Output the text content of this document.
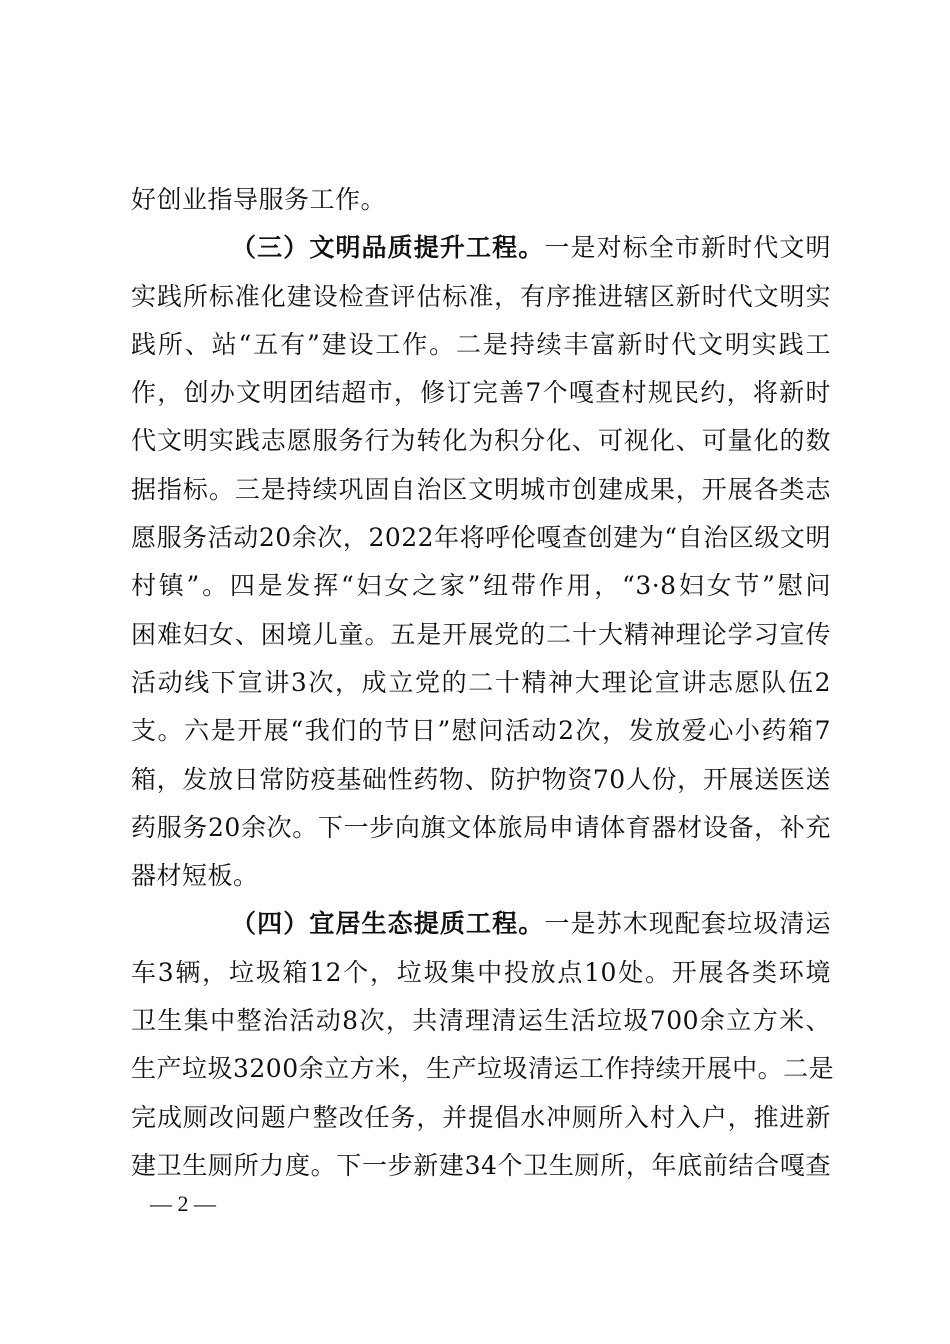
好创业指导服务工作。
（三）文明品质提升工程。一是对标全市新时代文明
实践所标准化建设检查评估标准，有序推进辖区新时代文明实
践所、站“五有”建设工作。二是持续丰富新时代文明实践工
作，创办文明团结超市，修订完善7个嘎查村规民约，将新时
代文明实践志愿服务行为转化为积分化、可视化、可量化的数
据指标。三是持续巩固自治区文明城市创建成果，开展各类志
愿服务活动20余次，2022年将呼伦嘎查创建为“自治区级文明
村镇”。四是发挥“妇女之家”纽带作用，“3·8妇女节”慰问
困难妇女、困境儿童。五是开展党的二十大精神理论学习宣传
活动线下宣讲3次，成立党的二十精神大理论宣讲志愿队伍2
支。六是开展“我们的节日”慰问活动2次，发放爱心小药箱7
箱，发放日常防疫基础性药物、防护物资70人份，开展送医送
药服务20余次。下一步向旗文体旅局申请体育器材设备，补充
器材短板。
（四）宜居生态提质工程。一是苏木现配套垃圾清运
车3辆，垃圾箱12个，垃圾集中投放点10处。开展各类环境
卫生集中整治活动8次，共清理清运生活垃圾700余立方米、
生产垃圾3200余立方米，生产垃圾清运工作持续开展中。二是
完成厕改问题户整改任务，并提倡水冲厕所入村入户，推进新
建卫生厕所力度。下一步新建34个卫生厕所，年底前结合嘎查
— 2 —
